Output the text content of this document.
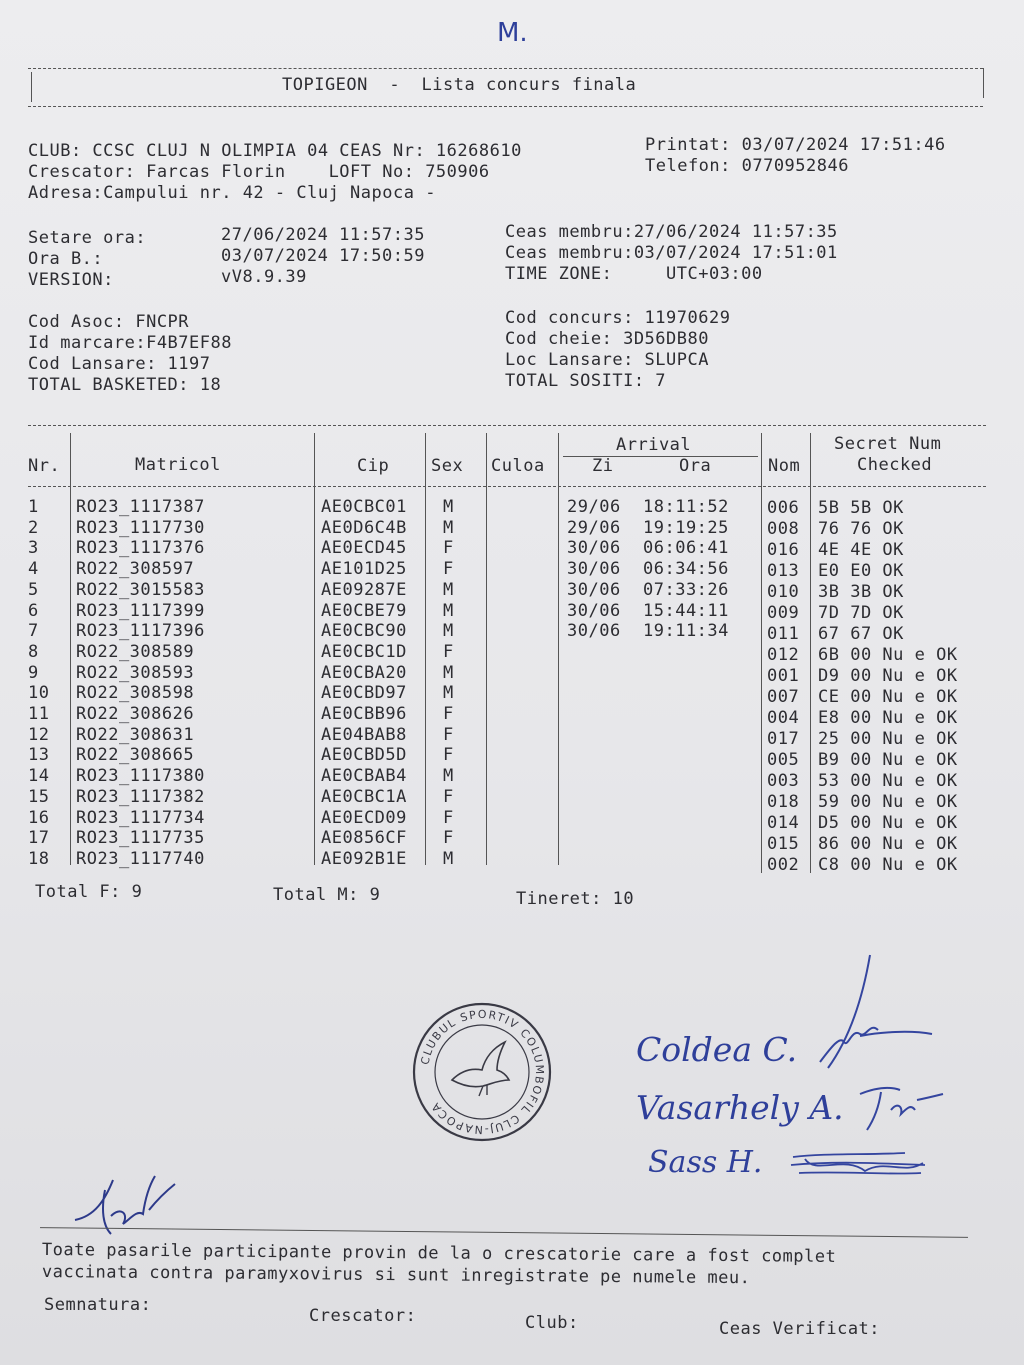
M.
TOPIGEON  -  Lista concurs finala
CLUB: CCSC CLUJ N OLIMPIA 04 CEAS Nr: 16268610	Printat: 03/07/2024 17:51:46
Crescator: Farcas Florin    LOFT No: 750906	Telefon: 0770952846
Adresa:Campului nr. 42 - Cluj Napoca -
Setare ora:	27/06/2024 11:57:35	Ceas membru:27/06/2024 11:57:35
Ora B.:	03/07/2024 17:50:59	Ceas membru:03/07/2024 17:51:01
VERSION:	vV8.9.39	TIME ZONE:     UTC+03:00
Cod Asoc: FNCPR	Cod concurs: 11970629
Id marcare:F4B7EF88	Cod cheie: 3D56DB80
Cod Lansare: 1197	Loc Lansare: SLUPCA
TOTAL BASKETED: 18	TOTAL SOSITI: 7
Nr.	Matricol	Cip Sex Culoa
Arrival
Zi	Ora	Nom
Secret Num
Checked
1 RO23_1117387	AE0CBC01 M	29/06 18:11:52 006 5B 5B OK
2 RO23_1117730	AE0D6C4B M	29/06 19:19:25 008 76 76 OK
3 RO23_1117376	AE0ECD45 F	30/06 06:06:41 016 4E 4E OK
4 RO22_308597	AE101D25 F	30/06 06:34:56 013 E0 E0 OK
5 RO22_3015583	AE09287E M	30/06 07:33:26 010 3B 3B OK
6 RO23_1117399	AE0CBE79 M	30/06 15:44:11 009 7D 7D OK
7 RO23_1117396	AE0CBC90 M	30/06 19:11:34 011 67 67 OK
8 RO22_308589	AE0CBC1D F	012 6B 00 Nu e OK
9 RO22_308593	AE0CBA20 M	001 D9 00 Nu e OK
10 RO22_308598	AE0CBD97 M	007 CE 00 Nu e OK
11 RO22_308626	AE0CBB96 F	004 E8 00 Nu e OK
12 RO22_308631	AE04BAB8 F	017 25 00 Nu e OK
13 RO22_308665	AE0CBD5D F	005 B9 00 Nu e OK
14 RO23_1117380	AE0CBAB4 M	003 53 00 Nu e OK
15 RO23_1117382	AE0CBC1A F	018 59 00 Nu e OK
16 RO23_1117734	AE0ECD09 F	014 D5 00 Nu e OK
17 RO23_1117735	AE0856CF F	015 86 00 Nu e OK
18 RO23_1117740	AE092B1E M	002 C8 00 Nu e OK
Total F: 9	Total M: 9	Tineret: 10
CLUBUL SPORTIV COLUMBOFIL CLUJ-NAPOCA
Coldea C.
Vasarhely A.
Sass H.
Toate pasarile participante provin de la o crescatorie care a fost complet
vaccinata contra paramyxovirus si sunt inregistrate pe numele meu.
Semnatura:
Crescator:	Club:	Ceas Verificat:
